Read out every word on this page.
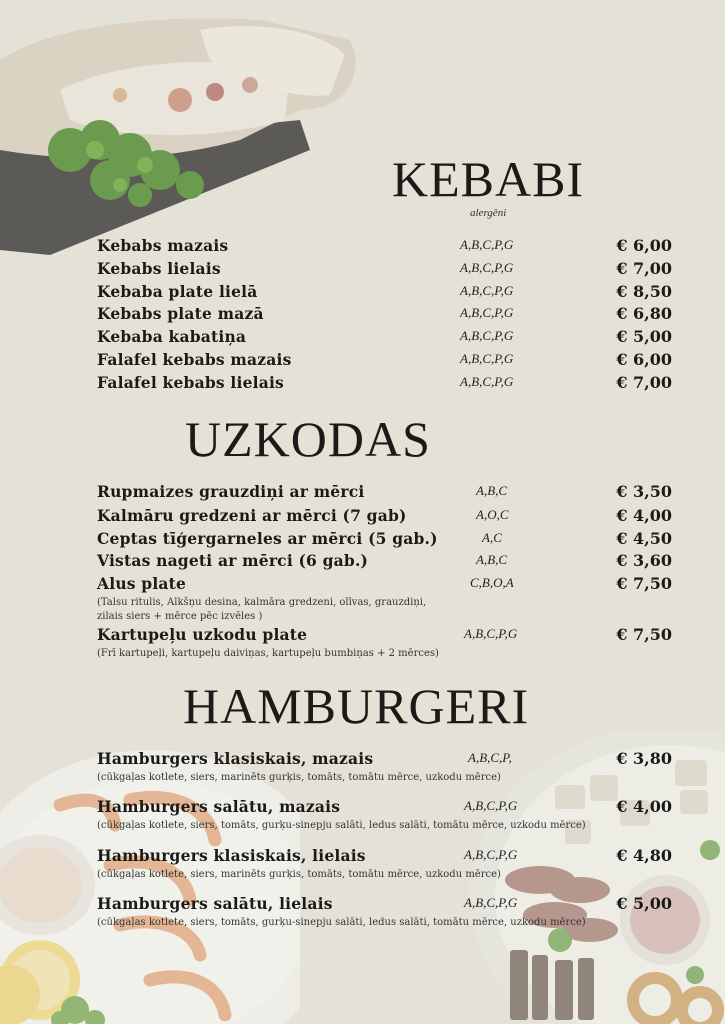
KEBABI
alergēni
Kebabs mazais	A,B,C,P,G	€ 6,00
Kebabs lielais	A,B,C,P,G	€ 7,00
Kebaba plate lielā	A,B,C,P,G	€ 8,50
Kebabs plate mazā	A,B,C,P,G	€ 6,80
Kebaba kabatiņa	A,B,C,P,G	€ 5,00
Falafel kebabs mazais	A,B,C,P,G	€ 6,00
Falafel kebabs lielais	A,B,C,P,G	€ 7,00
UZKODAS
Rupmaizes grauzdiņi ar mērci	A,B,C	€ 3,50
Kalmāru gredzeni ar mērci (7 gab)	A,O,C	€ 4,00
Ceptas tīģergarneles ar mērci (5 gab.)	A,C	€ 4,50
Vistas nageti ar mērci (6 gab.)	A,B,C	€ 3,60
Alus plate	C,B,O,A	€ 7,50
(Talsu ritulis, Alkšņu desina, kalmāra gredzeni, olīvas, grauzdiņi,
zilais siers + mērce pēc izvēles )
Kartupeļu uzkodu plate	A,B,C,P,G	€ 7,50
(Frī kartupeļi, kartupeļu daiviņas, kartupeļu bumbiņas + 2 mērces)
HAMBURGERI
Hamburgers klasiskais, mazais	A,B,C,P,	€ 3,80
(cūkgaļas kotlete, siers, marinēts gurķis, tomāts, tomātu mērce, uzkodu mērce)
Hamburgers salātu, mazais	A,B,C,P,G	€ 4,00
(cūkgaļas kotlete, siers, tomāts, gurķu-sinepju salāti, ledus salāti, tomātu mērce, uzkodu mērce)
Hamburgers klasiskais, lielais	A,B,C,P,G	€ 4,80
(cūkgaļas kotlete, siers, marinēts gurķis, tomāts, tomātu mērce, uzkodu mērce)
Hamburgers salātu, lielais	A,B,C,P,G	€ 5,00
(cūkgaļas kotlete, siers, tomāts, gurķu-sinepju salāti, ledus salāti, tomātu mērce, uzkodu mērce)
